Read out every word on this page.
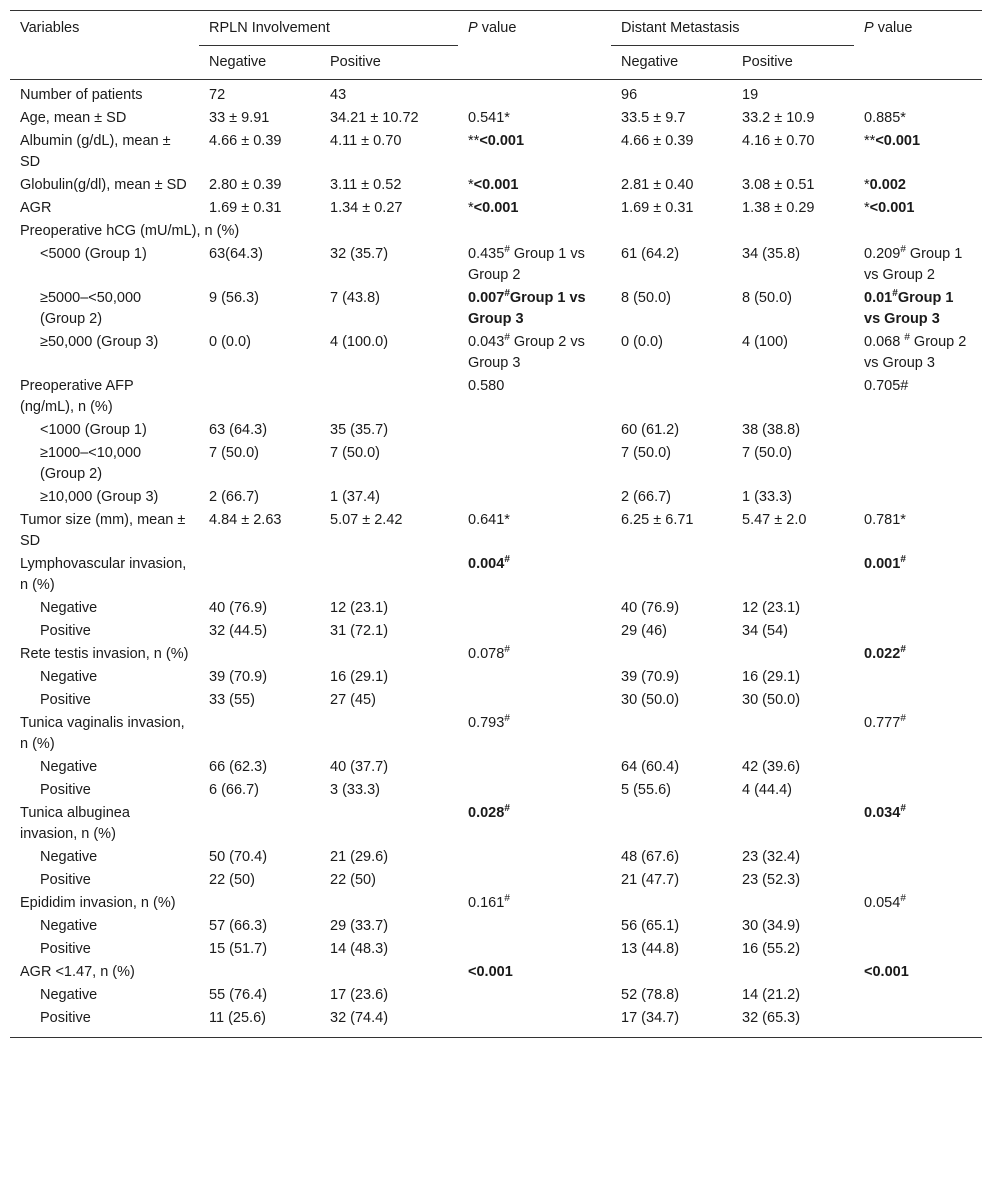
Variables	RPLN Involvement		P value	Distant Metastasis		P value
	Negative	Positive		Negative	Positive	
Number of patients	72	43		96	19	
Age, mean ± SD	33 ± 9.91	34.21 ± 10.72	0.541*	33.5 ± 9.7	33.2 ± 10.9	0.885*
Albumin (g/dL), mean ± SD	4.66 ± 0.39	4.11 ± 0.70	**<0.001	4.66 ± 0.39	4.16 ± 0.70	**<0.001
Globulin(g/dl), mean ± SD	2.80 ± 0.39	3.11 ± 0.52	*<0.001	2.81 ± 0.40	3.08 ± 0.51	*0.002
AGR	1.69 ± 0.31	1.34 ± 0.27	*<0.001	1.69 ± 0.31	1.38 ± 0.29	*<0.001
Preoperative hCG (mU/mL), n (%)						
<5000 (Group 1)	63(64.3)	32 (35.7)	0.435# Group 1 vs Group 2	61 (64.2)	34 (35.8)	0.209# Group 1 vs Group 2
≥5000–<50,000 (Group 2)	9 (56.3)	7 (43.8)	0.007#Group 1 vs Group 3	8 (50.0)	8 (50.0)	0.01#Group 1 vs Group 3
≥50,000 (Group 3)	0 (0.0)	4 (100.0)	0.043# Group 2 vs Group 3	0 (0.0)	4 (100)	0.068 # Group 2 vs Group 3
Preoperative AFP (ng/mL), n (%)			0.580			0.705#
<1000 (Group 1)	63 (64.3)	35 (35.7)		60 (61.2)	38 (38.8)	
≥1000–<10,000 (Group 2)	7 (50.0)	7 (50.0)		7 (50.0)	7 (50.0)	
≥10,000 (Group 3)	2 (66.7)	1 (37.4)		2 (66.7)	1 (33.3)	
Tumor size (mm), mean ± SD	4.84 ± 2.63	5.07 ± 2.42	0.641*	6.25 ± 6.71	5.47 ± 2.0	0.781*
Lymphovascular invasion, n (%)			0.004#			0.001#
Negative	40 (76.9)	12 (23.1)		40 (76.9)	12 (23.1)	
Positive	32 (44.5)	31 (72.1)		29 (46)	34 (54)	
Rete testis invasion, n (%)			0.078#			0.022#
Negative	39 (70.9)	16 (29.1)		39 (70.9)	16 (29.1)	
Positive	33 (55)	27 (45)		30 (50.0)	30 (50.0)	
Tunica vaginalis invasion, n (%)			0.793#			0.777#
Negative	66 (62.3)	40 (37.7)		64 (60.4)	42 (39.6)	
Positive	6 (66.7)	3 (33.3)		5 (55.6)	4 (44.4)	
Tunica albuginea invasion, n (%)			0.028#			0.034#
Negative	50 (70.4)	21 (29.6)		48 (67.6)	23 (32.4)	
Positive	22 (50)	22 (50)		21 (47.7)	23 (52.3)	
Epididim invasion, n (%)			0.161#			0.054#
Negative	57 (66.3)	29 (33.7)		56 (65.1)	30 (34.9)	
Positive	15 (51.7)	14 (48.3)		13 (44.8)	16 (55.2)	
AGR <1.47, n (%)			<0.001			<0.001
Negative	55 (76.4)	17 (23.6)		52 (78.8)	14 (21.2)	
Positive	11 (25.6)	32 (74.4)		17 (34.7)	32 (65.3)	
